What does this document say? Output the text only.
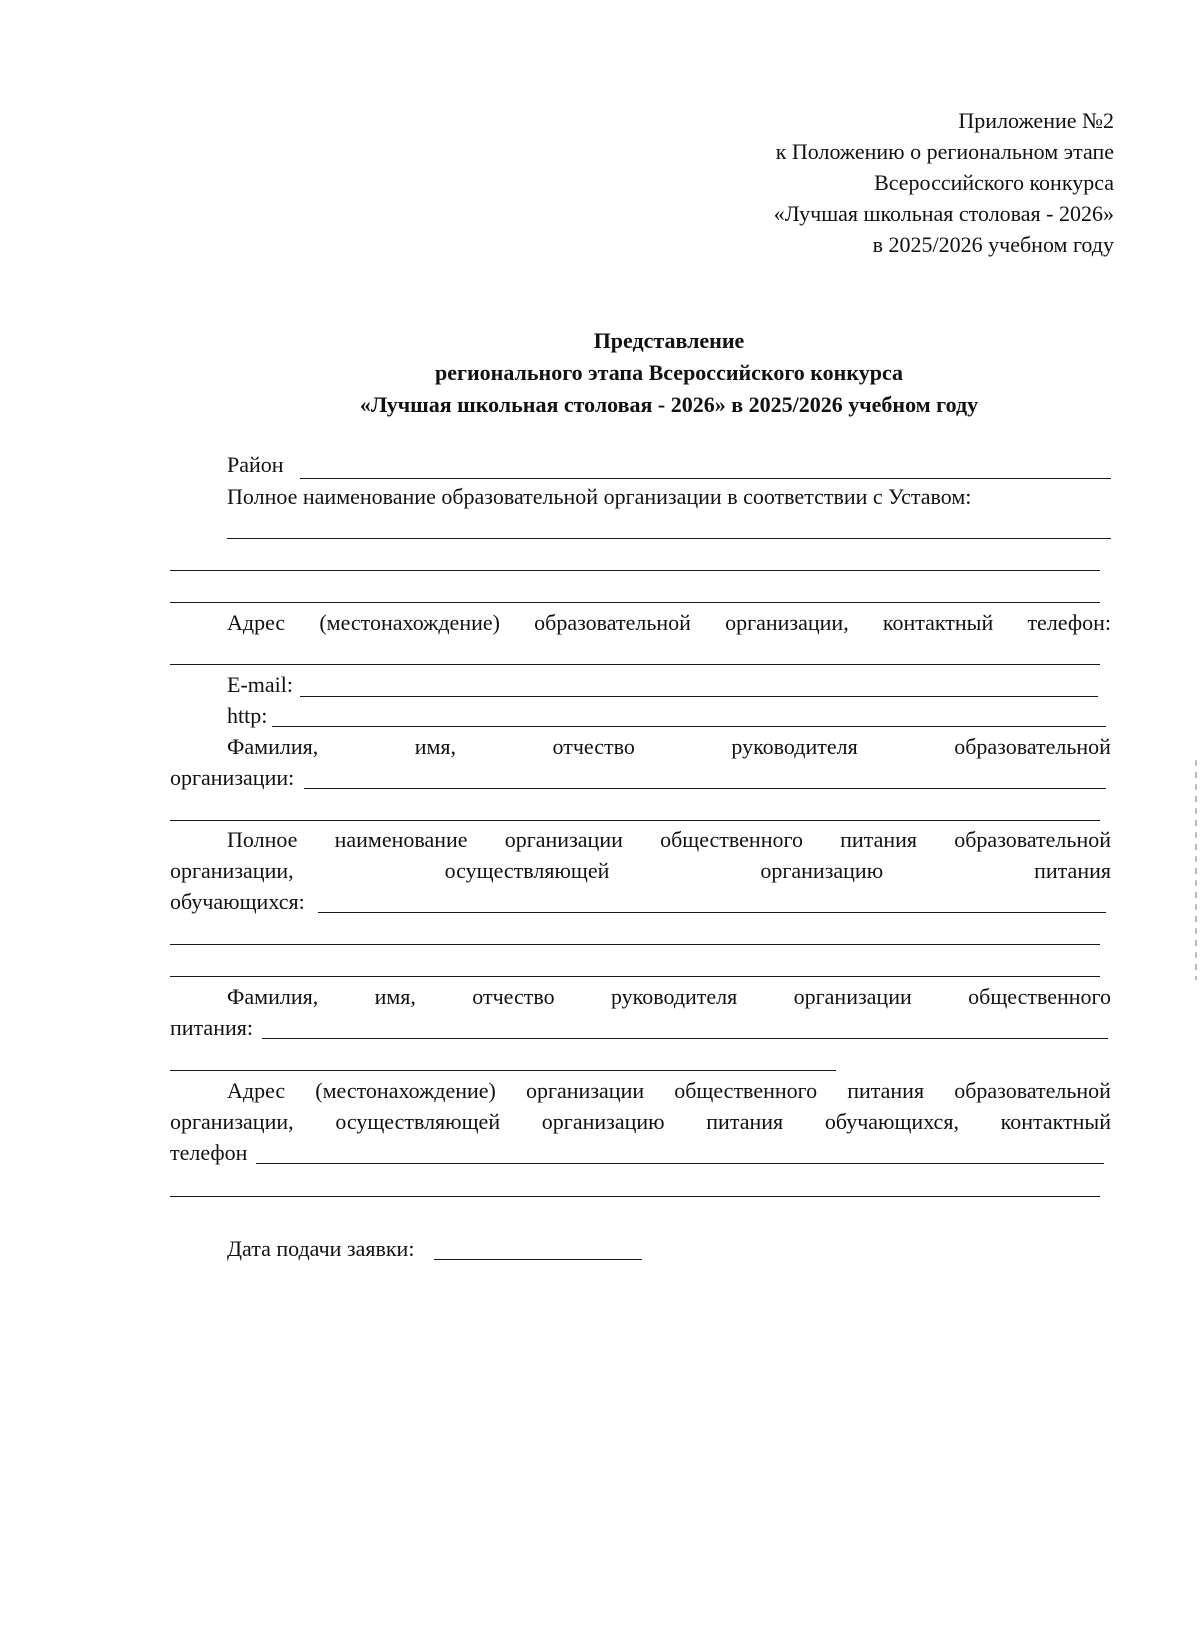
Приложение №2
к Положению о региональном этапе
Всероссийского конкурса
«Лучшая школьная столовая - 2026»
в 2025/2026 учебном году
Представление
регионального этапа Всероссийского конкурса
«Лучшая школьная столовая - 2026» в 2025/2026 учебном году
Район
Полное наименование образовательной организации в соответствии с Уставом:
Адрес (местонахождение) образовательной организации, контактный телефон:
E-mail:
http:
Фамилия,	имя,	отчество	руководителя	образовательной
организации:
Полное наименование организации общественного питания образовательной
организации,	осуществляющей	организацию	питания
обучающихся:
Фамилия,	имя,	отчество	руководителя	организации	общественного
питания:
Адрес (местонахождение) организации общественного питания образовательной
организации, осуществляющей организацию питания обучающихся, контактный
телефон
Дата подачи заявки:
